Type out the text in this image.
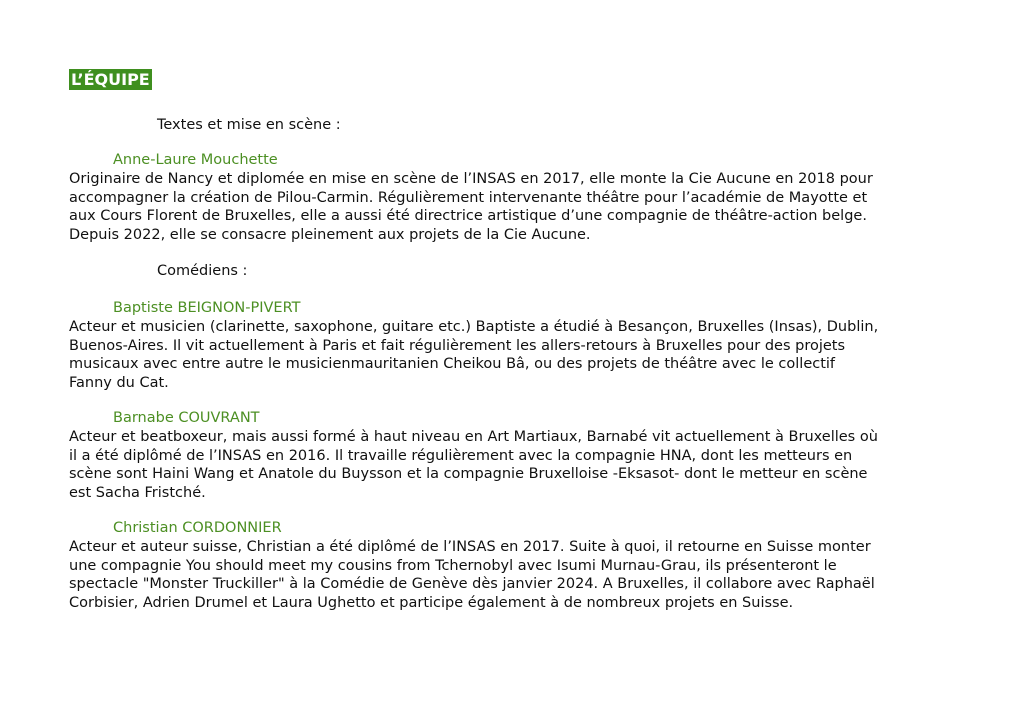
L’ÉQUIPE
Textes et mise en scène :
Anne-Laure Mouchette
Originaire de Nancy et diplomée en mise en scène de l’INSAS en 2017, elle monte la Cie Aucune en 2018 pour
accompagner la création de Pilou-Carmin. Régulièrement intervenante théâtre pour l’académie de Mayotte et
aux Cours Florent de Bruxelles, elle a aussi été directrice artistique d’une compagnie de théâtre-action belge.
Depuis 2022, elle se consacre pleinement aux projets de la Cie Aucune.
Comédiens :
Baptiste BEIGNON-PIVERT
Acteur et musicien (clarinette, saxophone, guitare etc.) Baptiste a étudié à Besançon, Bruxelles (Insas), Dublin,
Buenos-Aires. Il vit actuellement à Paris et fait régulièrement les allers-retours à Bruxelles pour des projets
musicaux avec entre autre le musicienmauritanien Cheikou Bâ, ou des projets de théâtre avec le collectif
Fanny du Cat.
Barnabe COUVRANT
Acteur et beatboxeur, mais aussi formé à haut niveau en Art Martiaux, Barnabé vit actuellement à Bruxelles où
il a été diplômé de l’INSAS en 2016. Il travaille régulièrement avec la compagnie HNA, dont les metteurs en
scène sont Haini Wang et Anatole du Buysson et la compagnie Bruxelloise -Eksasot- dont le metteur en scène
est Sacha Fristché.
Christian CORDONNIER
Acteur et auteur suisse, Christian a été diplômé de l’INSAS en 2017. Suite à quoi, il retourne en Suisse monter
une compagnie You should meet my cousins from Tchernobyl avec Isumi Murnau-Grau, ils présenteront le
spectacle "Monster Truckiller" à la Comédie de Genève dès janvier 2024. A Bruxelles, il collabore avec Raphaël
Corbisier, Adrien Drumel et Laura Ughetto et participe également à de nombreux projets en Suisse.
